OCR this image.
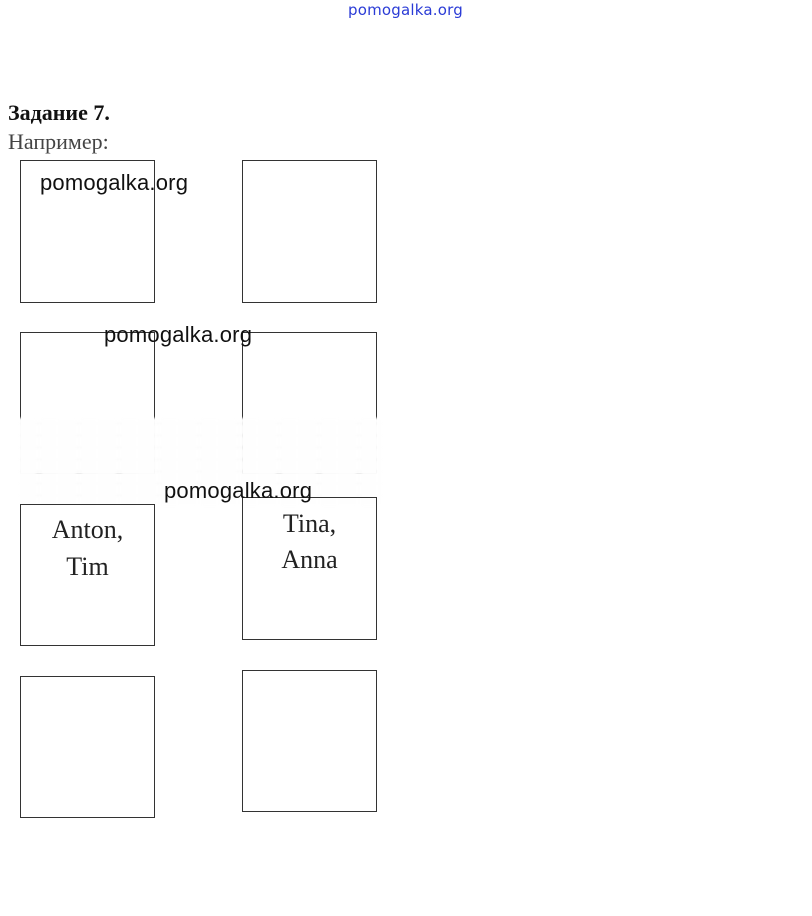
pomogalka.org
Задание 7.
Например:
Anton,
Tim
Tina,
Anna
pomogalka.org
pomogalka.org
pomogalka.org
